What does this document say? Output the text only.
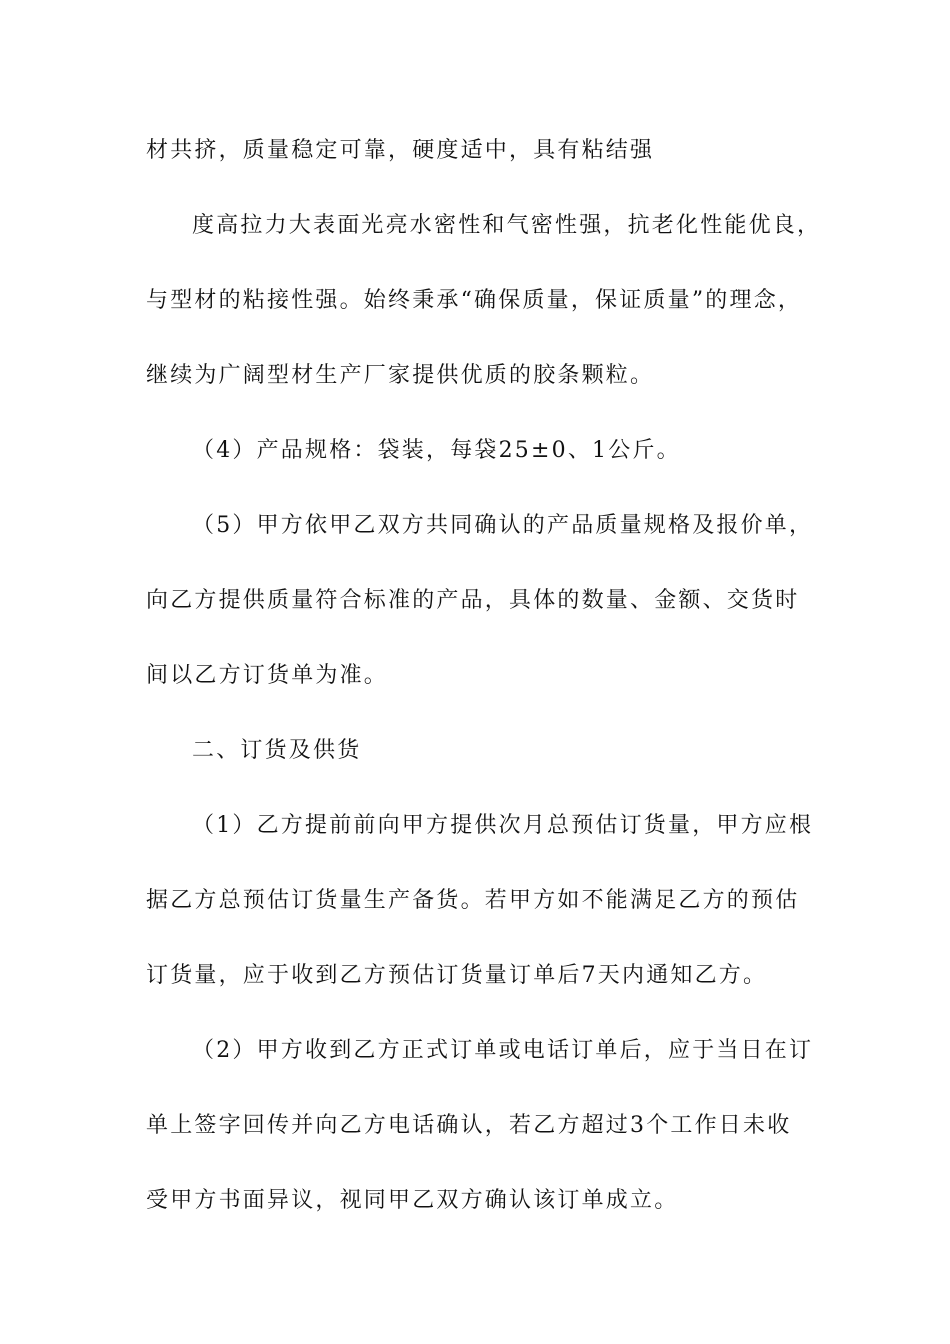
材共挤，质量稳定可靠，硬度适中，具有粘结强
度高拉力大表面光亮水密性和气密性强，抗老化性能优良，
与型材的粘接性强。始终秉承“确保质量，保证质量”的理念，
继续为广阔型材生产厂家提供优质的胶条颗粒。
（4）产品规格：袋装，每袋25±0、1公斤。
（5）甲方依甲乙双方共同确认的产品质量规格及报价单，
向乙方提供质量符合标准的产品，具体的数量、金额、交货时
间以乙方订货单为准。
二、订货及供货
（1）乙方提前前向甲方提供次月总预估订货量，甲方应根
据乙方总预估订货量生产备货。若甲方如不能满足乙方的预估
订货量，应于收到乙方预估订货量订单后7天内通知乙方。
（2）甲方收到乙方正式订单或电话订单后，应于当日在订
单上签字回传并向乙方电话确认，若乙方超过3个工作日未收
受甲方书面异议，视同甲乙双方确认该订单成立。
